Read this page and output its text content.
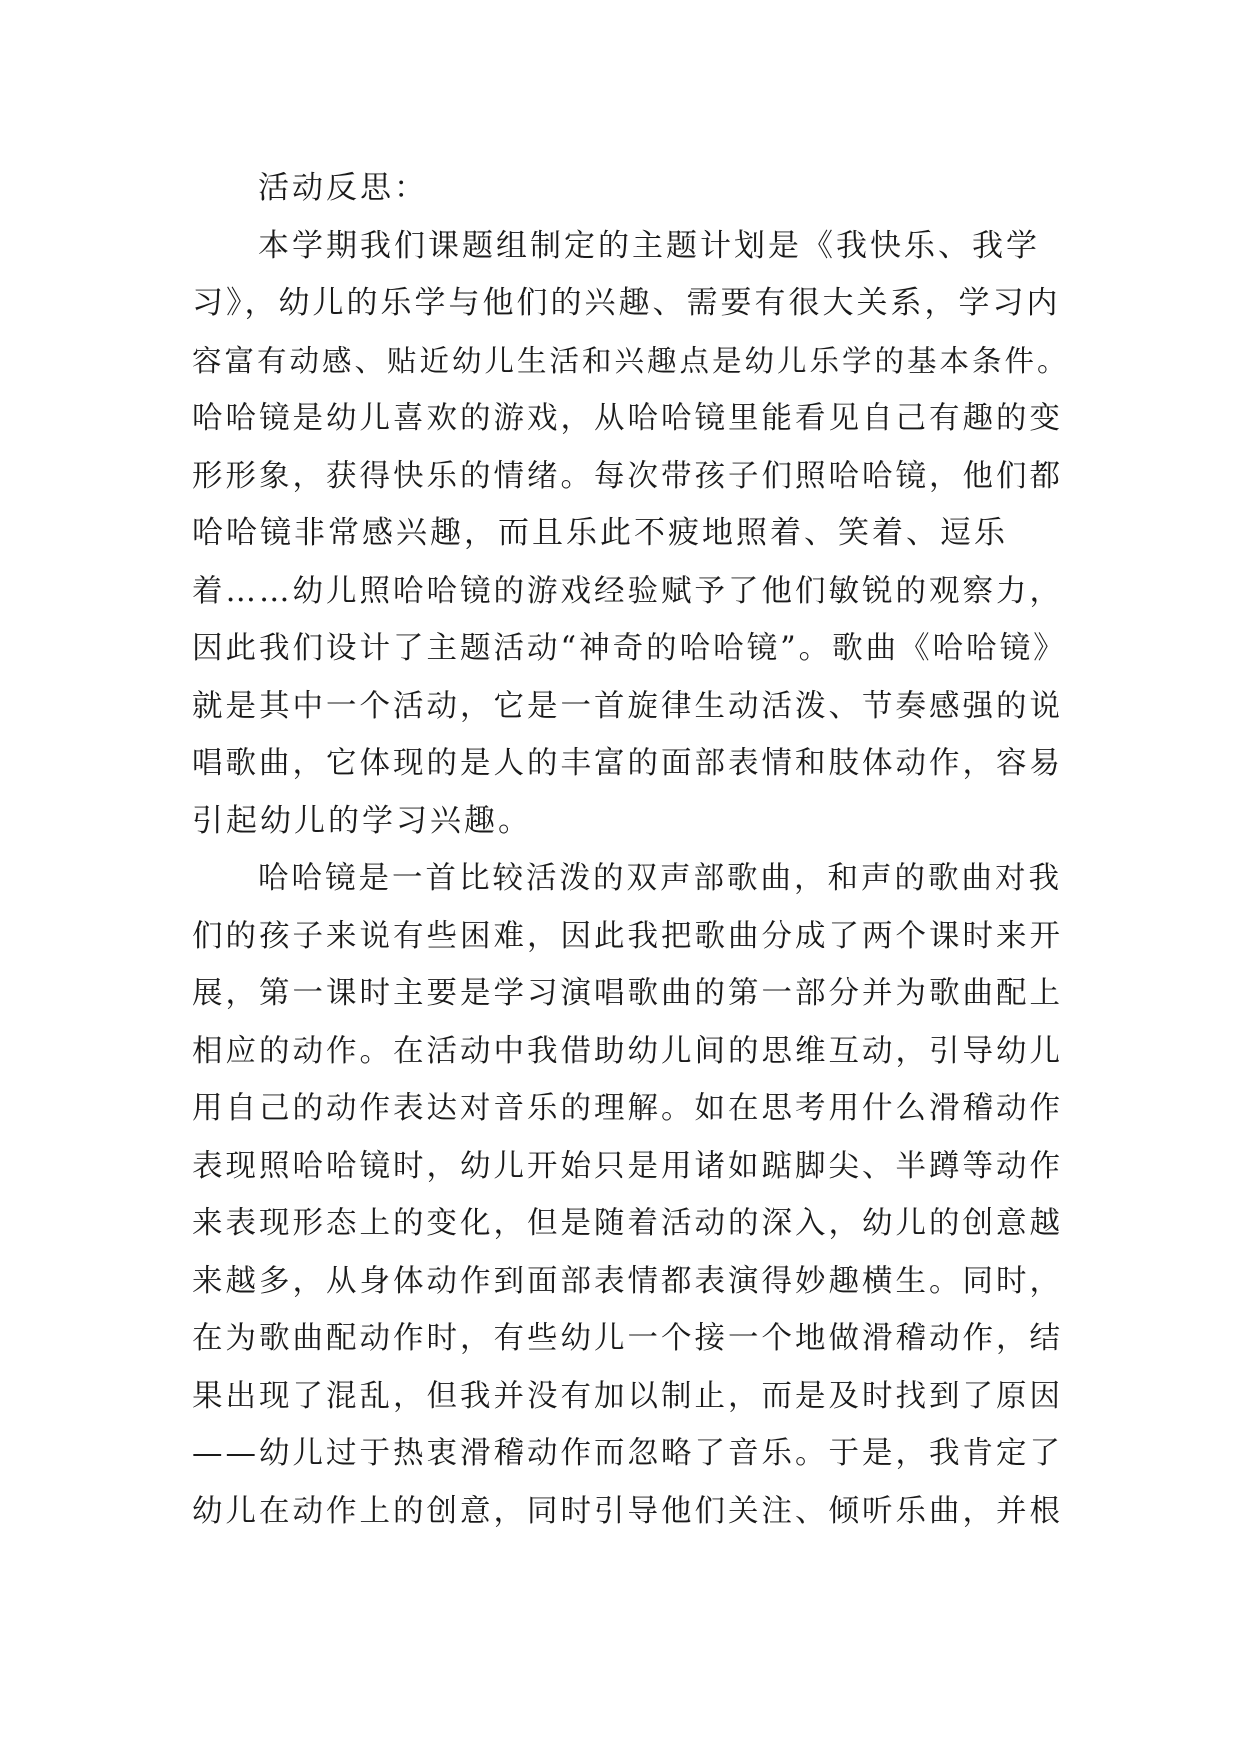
活动反思：
本学期我们课题组制定的主题计划是《我快乐、我学
习》，幼儿的乐学与他们的兴趣、需要有很大关系，学习内
容富有动感、贴近幼儿生活和兴趣点是幼儿乐学的基本条件。
哈哈镜是幼儿喜欢的游戏，从哈哈镜里能看见自己有趣的变
形形象，获得快乐的情绪。每次带孩子们照哈哈镜，他们都
哈哈镜非常感兴趣，而且乐此不疲地照着、笑着、逗乐
着……幼儿照哈哈镜的游戏经验赋予了他们敏锐的观察力，
因此我们设计了主题活动“神奇的哈哈镜”。歌曲《哈哈镜》
就是其中一个活动，它是一首旋律生动活泼、节奏感强的说
唱歌曲，它体现的是人的丰富的面部表情和肢体动作，容易
引起幼儿的学习兴趣。
哈哈镜是一首比较活泼的双声部歌曲，和声的歌曲对我
们的孩子来说有些困难，因此我把歌曲分成了两个课时来开
展，第一课时主要是学习演唱歌曲的第一部分并为歌曲配上
相应的动作。在活动中我借助幼儿间的思维互动，引导幼儿
用自己的动作表达对音乐的理解。如在思考用什么滑稽动作
表现照哈哈镜时，幼儿开始只是用诸如踮脚尖、半蹲等动作
来表现形态上的变化，但是随着活动的深入，幼儿的创意越
来越多，从身体动作到面部表情都表演得妙趣横生。同时，
在为歌曲配动作时，有些幼儿一个接一个地做滑稽动作，结
果出现了混乱，但我并没有加以制止，而是及时找到了原因
——幼儿过于热衷滑稽动作而忽略了音乐。于是，我肯定了
幼儿在动作上的创意，同时引导他们关注、倾听乐曲，并根
